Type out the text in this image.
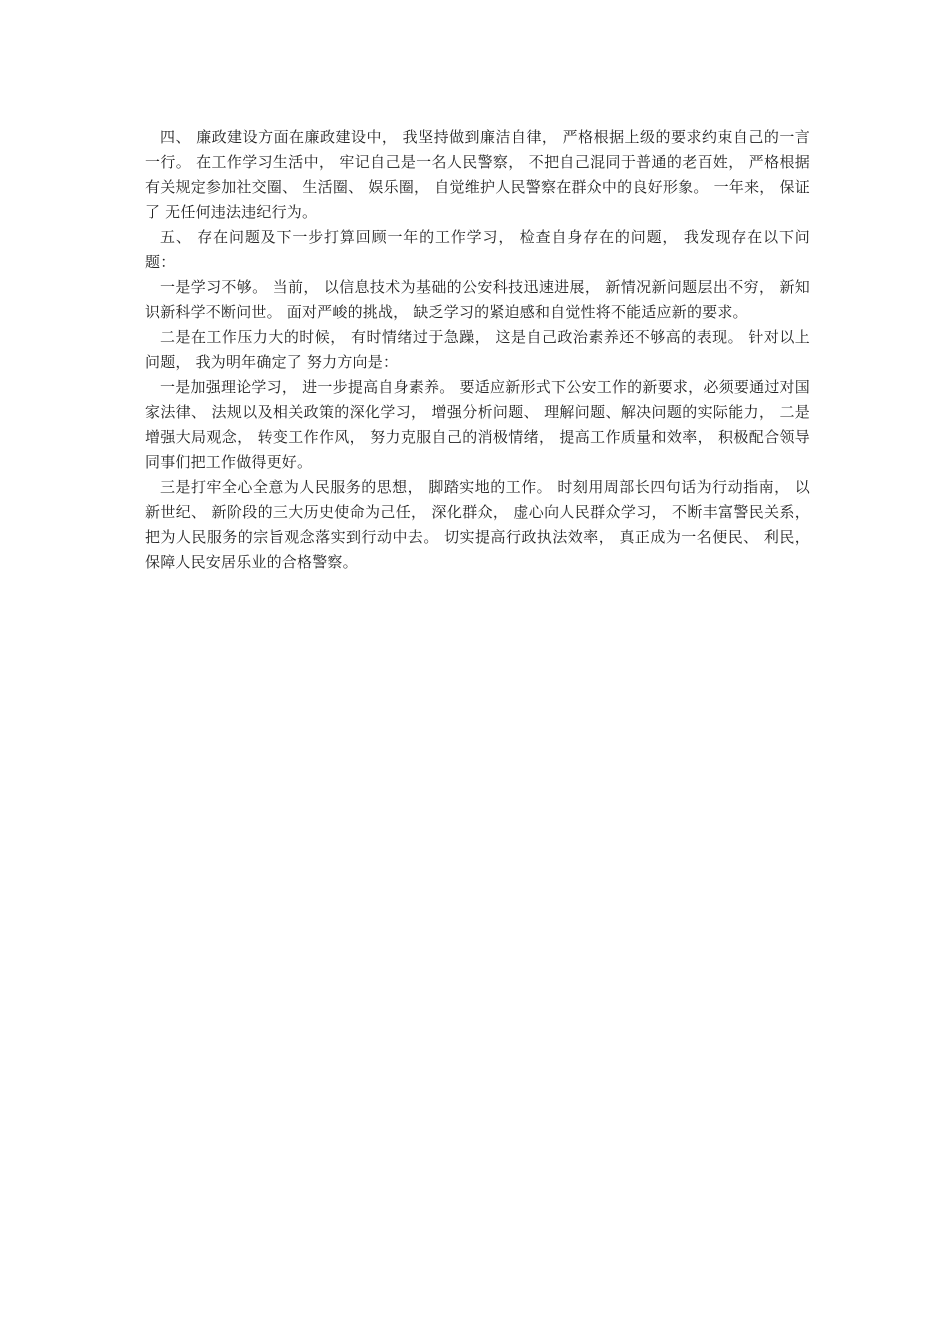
四、 廉政建设方面在廉政建设中， 我坚持做到廉洁自律， 严格根据上级的要求约束自己的一言一行。 在工作学习生活中， 牢记自己是一名人民警察， 不把自己混同于普通的老百姓， 严格根据有关规定参加社交圈、 生活圈、 娱乐圈， 自觉维护人民警察在群众中的良好形象。 一年来， 保证了 无任何违法违纪行为。

五、 存在问题及下一步打算回顾一年的工作学习， 检查自身存在的问题， 我发现存在以下问题：

一是学习不够。 当前， 以信息技术为基础的公安科技迅速进展， 新情况新问题层出不穷， 新知识新科学不断问世。 面对严峻的挑战， 缺乏学习的紧迫感和自觉性将不能适应新的要求。

二是在工作压力大的时候， 有时情绪过于急躁， 这是自己政治素养还不够高的表现。 针对以上问题， 我为明年确定了 努力方向是：

一是加强理论学习， 进一步提高自身素养。 要适应新形式下公安工作的新要求，必须要通过对国家法律、 法规以及相关政策的深化学习， 增强分析问题、 理解问题、解决问题的实际能力， 二是增强大局观念， 转变工作作风， 努力克服自己的消极情绪， 提高工作质量和效率， 积极配合领导同事们把工作做得更好。

三是打牢全心全意为人民服务的思想， 脚踏实地的工作。 时刻用周部长四句话为行动指南， 以新世纪、 新阶段的三大历史使命为己任， 深化群众， 虚心向人民群众学习， 不断丰富警民关系， 把为人民服务的宗旨观念落实到行动中去。 切实提高行政执法效率， 真正成为一名便民、 利民， 保障人民安居乐业的合格警察。
